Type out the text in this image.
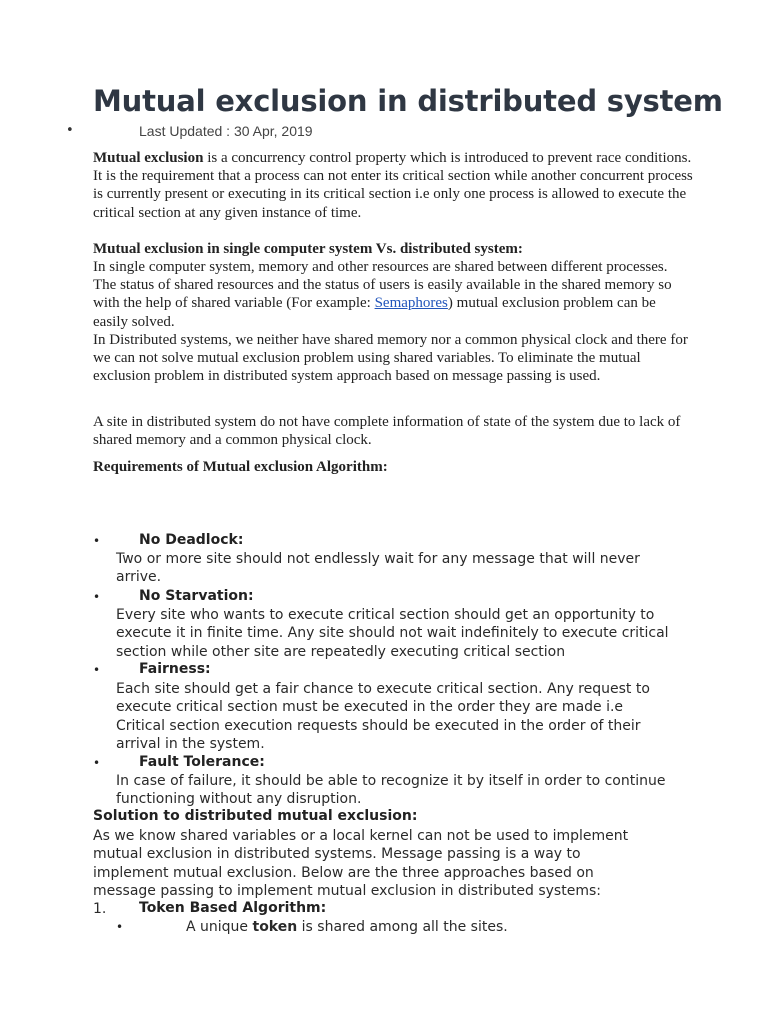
Mutual exclusion in distributed system
•	Last Updated : 30 Apr, 2019
Mutual exclusion is a concurrency control property which is introduced to prevent race conditions. It is the requirement that a process can not enter its critical section while another concurrent process is currently present or executing in its critical section i.e only one process is allowed to execute the critical section at any given instance of time.
Mutual exclusion in single computer system Vs. distributed system:
In single computer system, memory and other resources are shared between different processes. The status of shared resources and the status of users is easily available in the shared memory so with the help of shared variable (For example: Semaphores) mutual exclusion problem can be easily solved.
In Distributed systems, we neither have shared memory nor a common physical clock and there for we can not solve mutual exclusion problem using shared variables. To eliminate the mutual exclusion problem in distributed system approach based on message passing is used.
A site in distributed system do not have complete information of state of the system due to lack of shared memory and a common physical clock.
Requirements of Mutual exclusion Algorithm:
•	No Deadlock:
Two or more site should not endlessly wait for any message that will never arrive.
•	No Starvation:
Every site who wants to execute critical section should get an opportunity to execute it in finite time. Any site should not wait indefinitely to execute critical section while other site are repeatedly executing critical section
•	Fairness:
Each site should get a fair chance to execute critical section. Any request to execute critical section must be executed in the order they are made i.e Critical section execution requests should be executed in the order of their arrival in the system.
•	Fault Tolerance:
In case of failure, it should be able to recognize it by itself in order to continue functioning without any disruption.
Solution to distributed mutual exclusion:
As we know shared variables or a local kernel can not be used to implement mutual exclusion in distributed systems. Message passing is a way to implement mutual exclusion. Below are the three approaches based on message passing to implement mutual exclusion in distributed systems:
1.	Token Based Algorithm:
•	A unique token is shared among all the sites.
